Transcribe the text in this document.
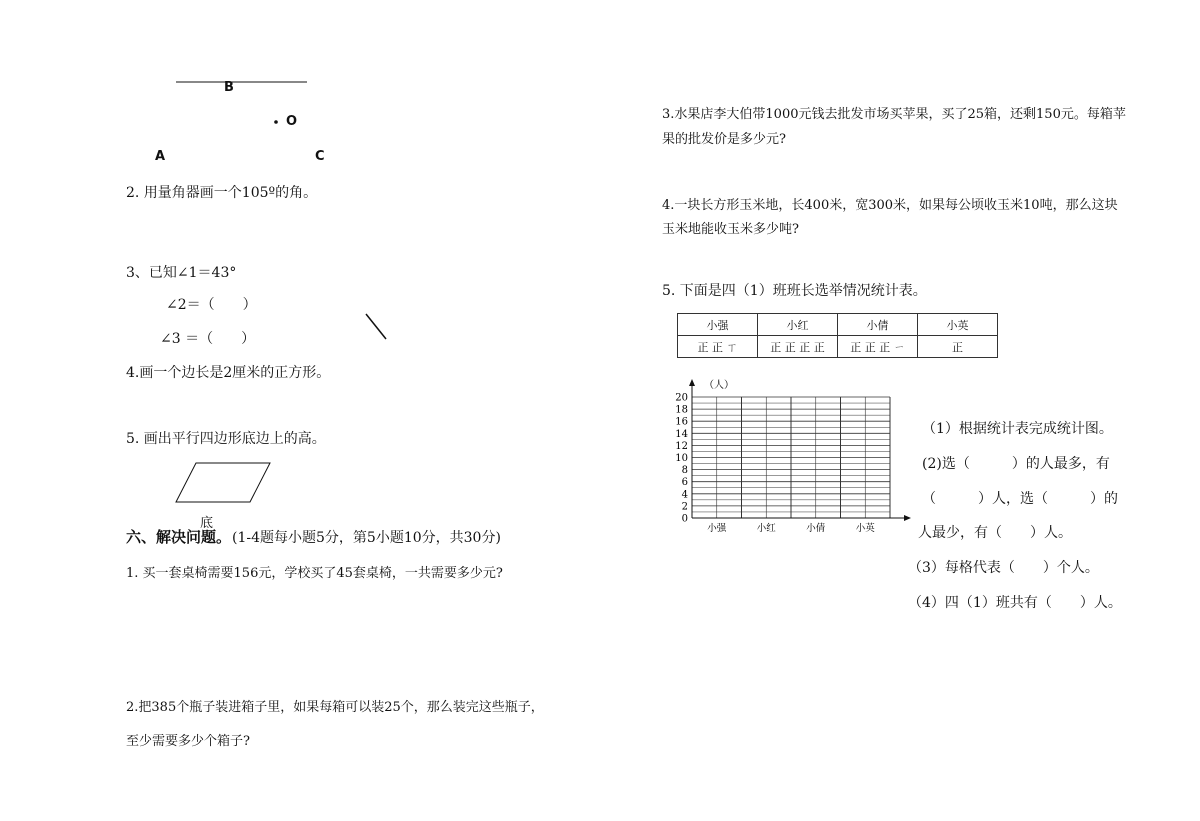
B
O
A	C
2. 用量角器画一个105º的角。
3、已知∠1＝43°
∠2＝（　　）
∠3 ＝（　　）
4.画一个边长是2厘米的正方形。
5. 画出平行四边形底边上的高。
底
六、解决问题。 (1-4题每小题5分，第5小题10分，共30分)
1. 买一套桌椅需要156元，学校买了45套桌椅，一共需要多少元?
2.把385个瓶子装进箱子里，如果每箱可以装25个，那么装完这些瓶子，
至少需要多少个箱子?
3.水果店李大伯带1000元钱去批发市场买苹果，买了25箱，还剩150元。每箱苹
果的批发价是多少元?
4.一块长方形玉米地，长400米，宽300米，如果每公顷收玉米10吨，那么这块
玉米地能收玉米多少吨?
5. 下面是四（1）班班长选举情况统计表。
小强	小红	小倩	小英
正 正 ㄒ	正 正 正 正	正 正 正 ㄧ	正
（人）
0
2
4
6
8
10
12
14
16
18
20
小强	小红	小倩	小英
（1）根据统计表完成统计图。
(2)选（　　　）的人最多，有
（　　　）人，选（　　　）的
人最少，有（　　）人。
（3）每格代表（　　）个人。
（4）四（1）班共有（　　）人。
